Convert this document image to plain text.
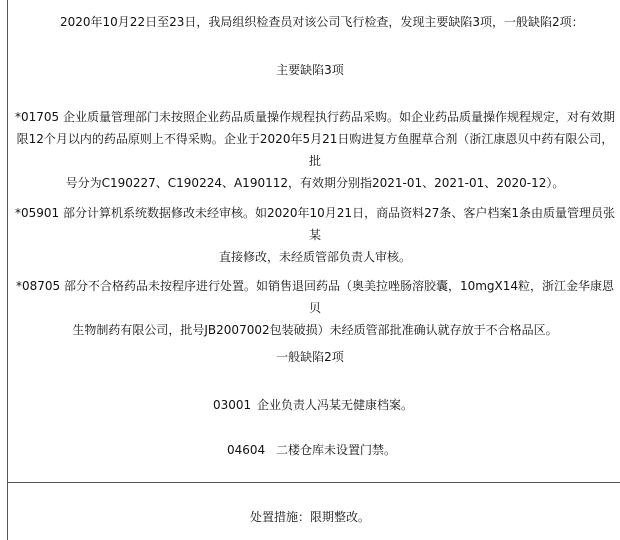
2020年10月22日至23日，我局组织检查员对该公司飞行检查，发现主要缺陷3项，一般缺陷2项：
主要缺陷3项
*01705 企业质量管理部门未按照企业药品质量操作规程执行药品采购。如企业药品质量操作规程规定，对有效期
限12个月以内的药品原则上不得采购。企业于2020年5月21日购进复方鱼腥草合剂（浙江康恩贝中药有限公司，批
号分为C190227、C190224、A190112，有效期分别指2021-01、2021-01、2020-12）。
*05901 部分计算机系统数据修改未经审核。如2020年10月21日，商品资料27条、客户档案1条由质量管理员张某
直接修改，未经质管部负责人审核。
*08705 部分不合格药品未按程序进行处置。如销售退回药品（奥美拉唑肠溶胶囊，10mgX14粒，浙江金华康恩贝
生物制药有限公司，批号JB2007002包装破损）未经质管部批准确认就存放于不合格品区。
一般缺陷2项
03001 企业负责人冯某无健康档案。
04604 二楼仓库未设置门禁。
处置措施：限期整改。
